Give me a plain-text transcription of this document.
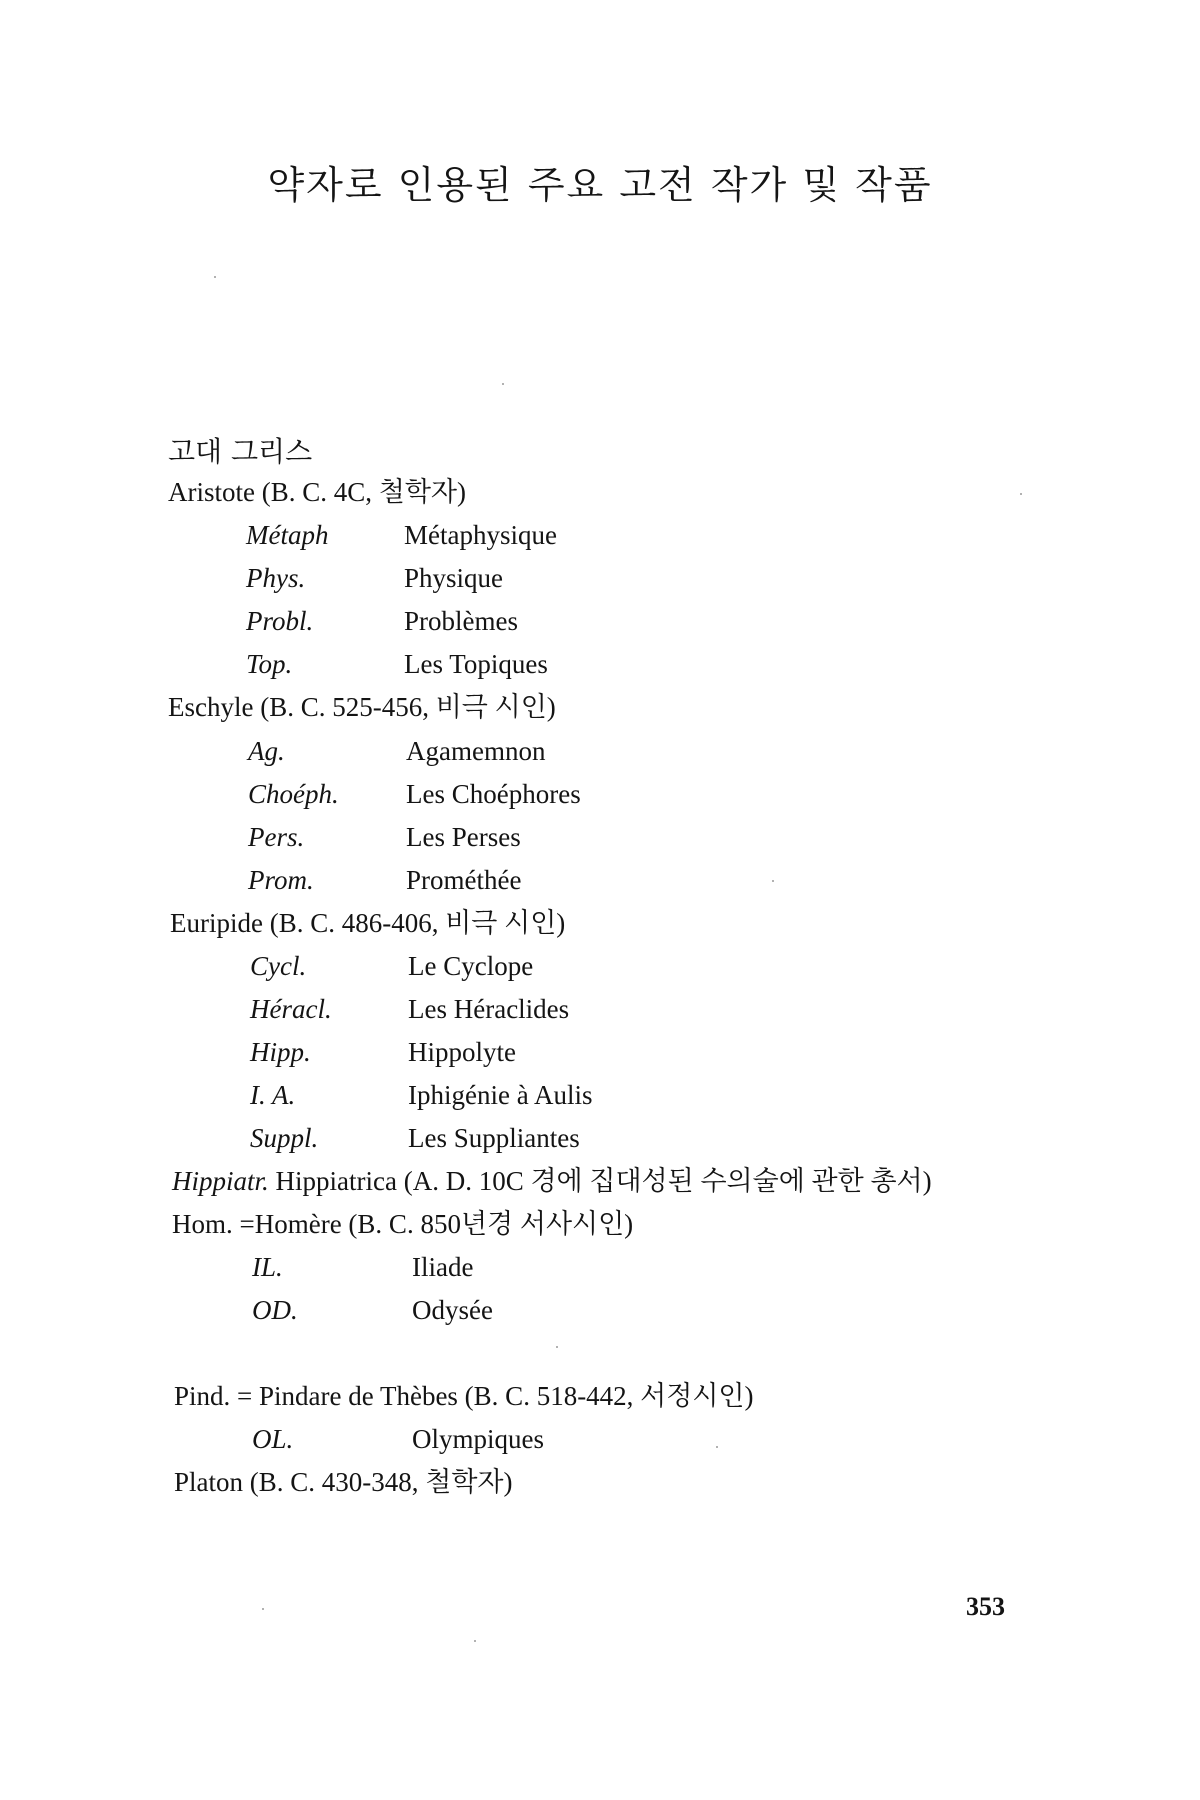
약자로 인용된 주요 고전 작가 및 작품
고대 그리스
Aristote (B. C. 4C, 철학자)
Métaph	Métaphysique
Phys.	Physique
Probl.	Problèmes
Top.	Les Topiques
Eschyle (B. C. 525-456, 비극 시인)
Ag.	Agamemnon
Choéph. Les Choéphores
Pers.	Les Perses
Prom.	Prométhée
Euripide (B. C. 486-406, 비극 시인)
Cycl.	Le Cyclope
Héracl.	Les Héraclides
Hipp.	Hippolyte
I. A.	Iphigénie à Aulis
Suppl.	Les Suppliantes
Hippiatr. Hippiatrica (A. D. 10C 경에 집대성된 수의술에 관한 총서)
Hom. =Homère (B. C. 850년경 서사시인)
IL.	Iliade
OD.	Odysée
Pind. = Pindare de Thèbes (B. C. 518-442, 서정시인)
OL.	Olympiques
Platon (B. C. 430-348, 철학자)
353
